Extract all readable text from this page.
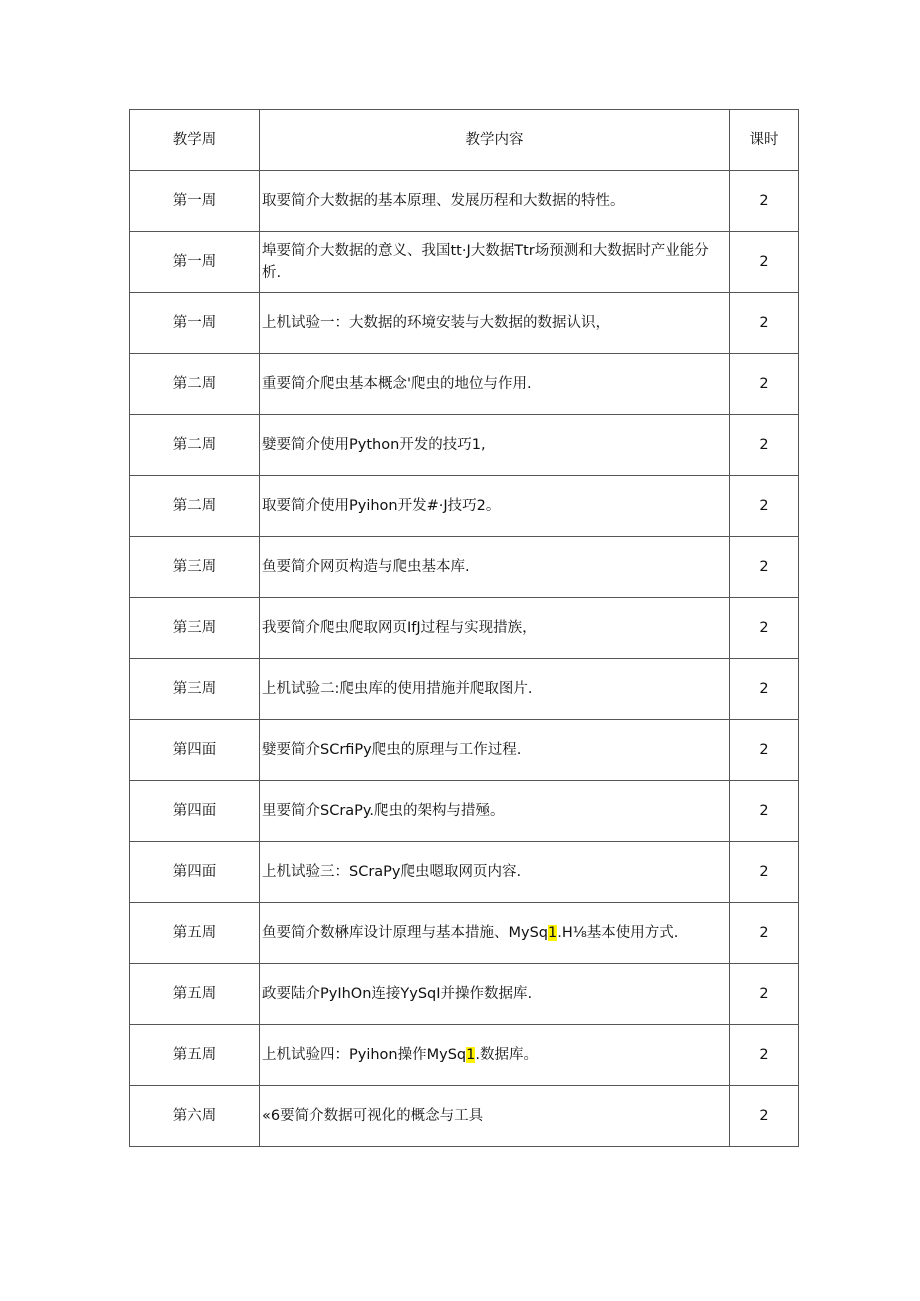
教学周	教学内容	课时
第一周	取要简介大数据的基本原理、发展历程和大数据的特性。	2
第一周	埠要简介大数据的意义、我国tt·J大数据Ttr场预测和大数据时产业能分析.	2
第一周	上机试验一：大数据的环境安装与大数据的数据认识，	2
第二周	重要简介爬虫基本概念'爬虫的地位与作用.	2
第二周	嬖要简介使用Python开发的技巧1,	2
第二周	取要简介使用Pyihon开发#·J技巧2。	2
第三周	鱼要简介网页构造与爬虫基本库.	2
第三周	我要简介爬虫爬取网页IfJ过程与实现措族，	2
第三周	上机试验二:爬虫库的使用措施并爬取图片.	2
第四面	嬖要简介SCrfiPy爬虫的原理与工作过程.	2
第四面	里要简介SCraPy.爬虫的架构与措殛。	2
第四面	上机试验三：SCraPy爬虫嗯取网页内容.	2
第五周	鱼要简介数楙库设计原理与基本措施、MySq1.H⅛基本使用方式.	2
第五周	政要陆介PyIhOn连接YySqI并操作数据库.	2
第五周	上机试验四：Pyihon操作MySq1.数据库。	2
第六周	«6要简介数据可视化的概念与工具	2
